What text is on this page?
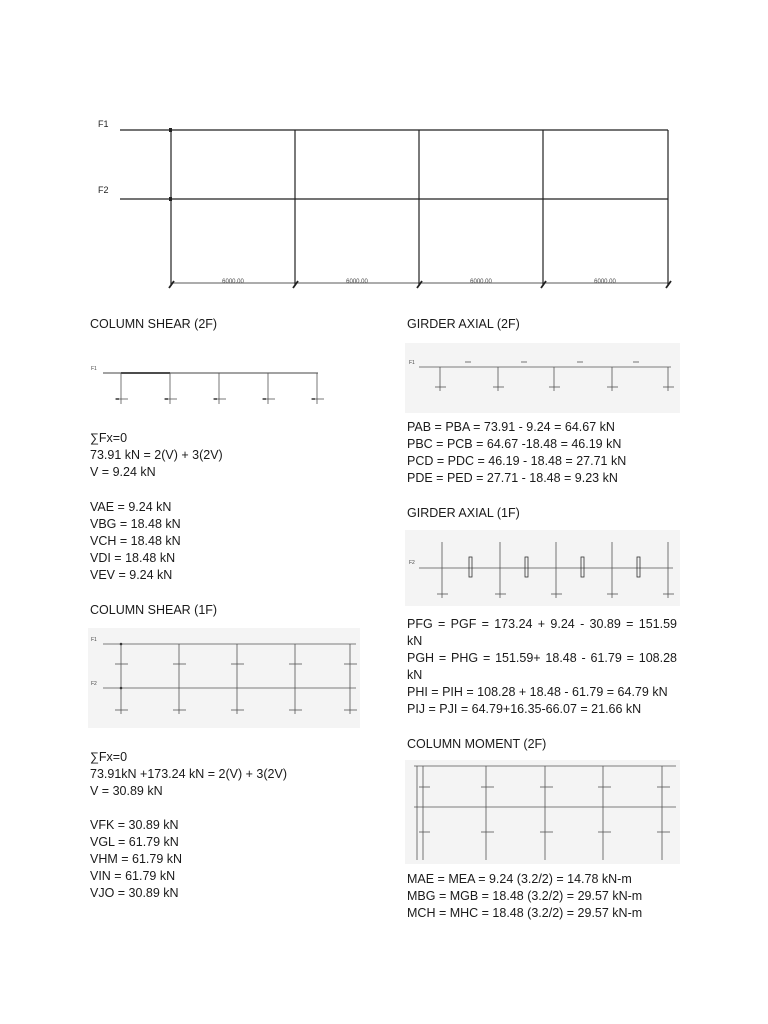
F1
F2
6000.00	6000.00	6000.00	6000.00
COLUMN SHEAR (2F)
F1
∑Fx=0
73.91 kN = 2(V) + 3(2V)
V = 9.24 kN
VAE = 9.24 kN
VBG = 18.48 kN
VCH = 18.48 kN
VDI = 18.48 kN
VEV = 9.24 kN
COLUMN SHEAR (1F)
F1
F2
∑Fx=0
73.91kN +173.24 kN = 2(V) + 3(2V)
V = 30.89 kN
VFK = 30.89 kN
VGL = 61.79 kN
VHM = 61.79 kN
VIN = 61.79 kN
VJO = 30.89 kN
GIRDER AXIAL (2F)
F1
PAB = PBA = 73.91 - 9.24 = 64.67 kN
PBC = PCB = 64.67 -18.48 = 46.19 kN
PCD = PDC = 46.19 - 18.48 = 27.71 kN
PDE = PED = 27.71 - 18.48 = 9.23 kN
GIRDER AXIAL (1F)
F2
PFG = PGF = 173.24 + 9.24 - 30.89 = 151.59
kN
PGH = PHG = 151.59+ 18.48 - 61.79 = 108.28
kN
PHI = PIH = 108.28 + 18.48 - 61.79 = 64.79 kN
PIJ = PJI = 64.79+16.35-66.07 = 21.66 kN
COLUMN MOMENT (2F)
MAE = MEA = 9.24 (3.2/2) = 14.78 kN-m
MBG = MGB = 18.48 (3.2/2) = 29.57 kN-m
MCH = MHC = 18.48 (3.2/2) = 29.57 kN-m
